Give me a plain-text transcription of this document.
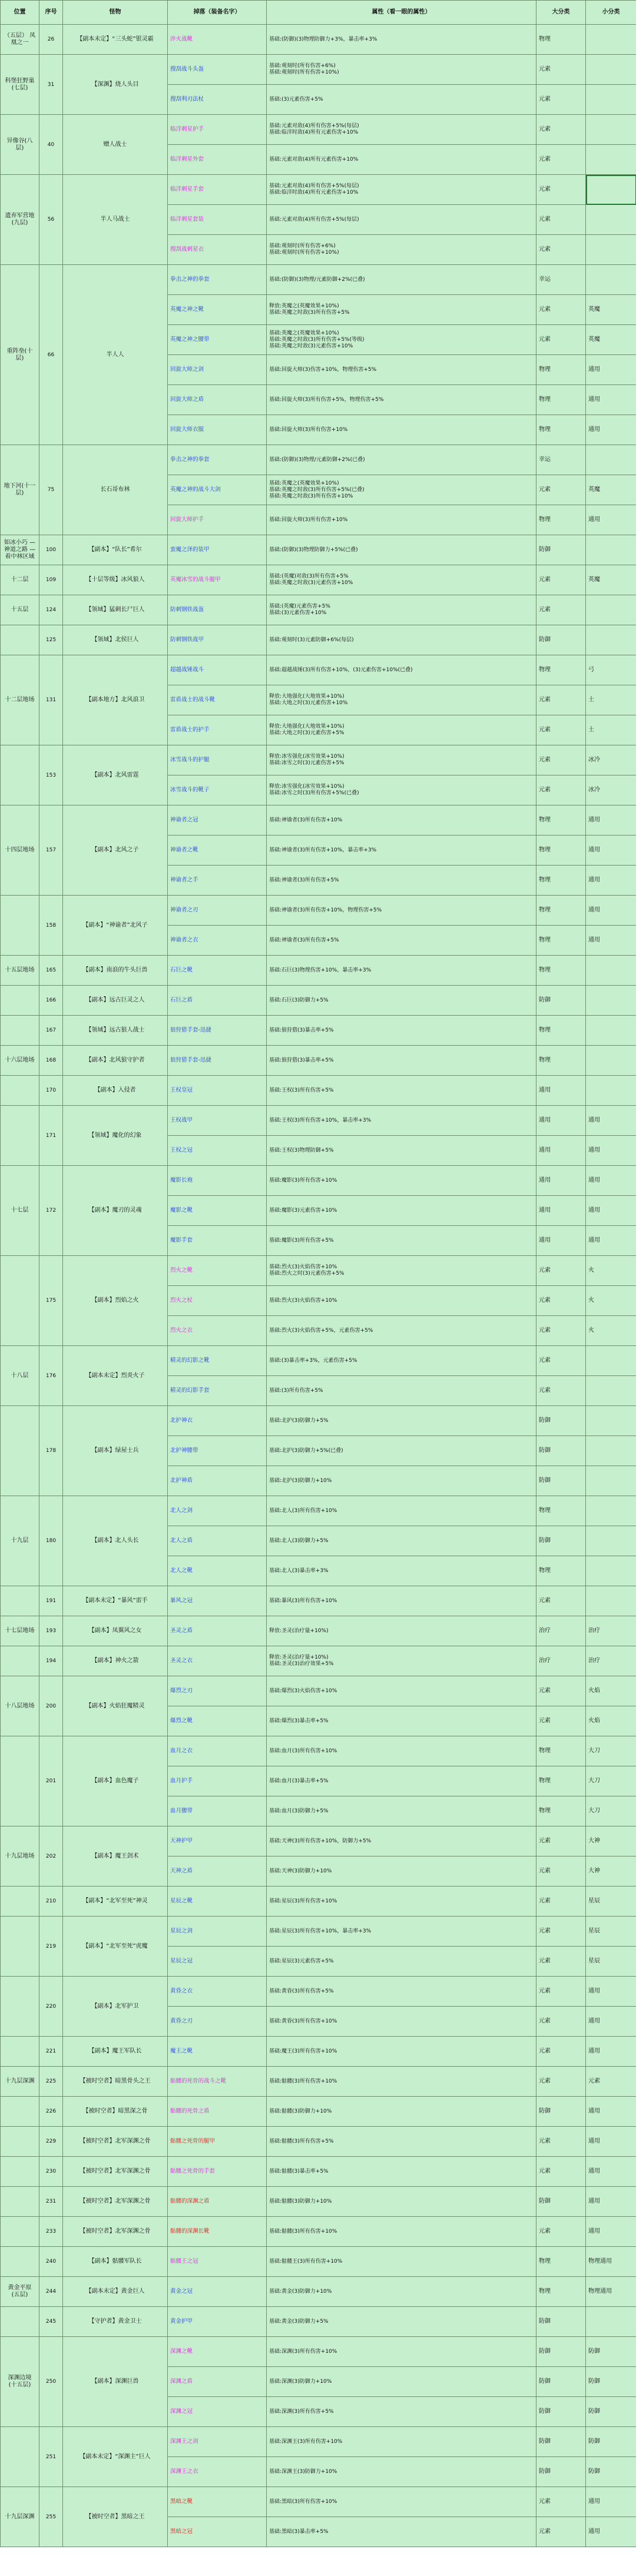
位置	序号	怪物	掉落（装备名字）	属性（看一眼的属性）	大分类	小分类
（五层） 凤凰之一	26	【副本未定】“三头蛇”银灵霸	淬火战靴	基础:(防御)(3)物理防御力+3%，暴击率+3%	物理	
科堡狂野巢(七层)	31	【深渊】烧人头目	搜刮战斗头盔	基础:观刻时(所有伤害+6%)
基础:观刻时(所有伤害+10%)	元素	
			搜刮利刃法杖	基础:(3)元素伤害+5%	元素	
异像谷(八层)	40	赠人战士	临洋刺星护手	基础:元素对敌(4)所有伤害+5%(每层)
基础:临洋时敌(4)所有元素伤害+10%	元素	
			临洋刺星外套	基础:元素对敌(4)所有元素伤害+10%	元素	
遗弃军营地(九层)	56	半人马战士	临洋刺星手套	基础:元素对敌(4)所有伤害+5%(每层)
基础:临洋时敌(4)所有元素伤害+10%	元素	
			临洋刺星套装	基础:元素对敌(4)所有伤害+5%(每层)	元素	
			搜刮战刺星衣	基础:观刻时(所有伤害+6%)
基础:观刻时(所有伤害+10%)	元素	
重阵垒(十层)	66	半人人	拳击之神的拳套	基础:(防御)(3)物理/元素防御+2%(已叠)	幸运	
			英魔之神之靴	释放:英魔之(英魔效果+10%)
基础:英魔之时敌(3)所有伤害+5%	元素	英魔
			英魔之神之腰带	基础:英魔之(英魔效果+10%)
基础:英魔之时敌(3)所有伤害+5%(等级)
基础:英魔之时敌(3)元素伤害+10%	元素	英魔
			回旋大师之剑	基础:回旋大师(3)伤害+10%，物理伤害+5%	物理	通用
			回旋大师之盾	基础:回旋大师(3)所有伤害+5%，物理伤害+5%	物理	通用
			回旋大师衣服	基础:回旋大师(3)所有伤害+10%	物理	通用
地下河(十一层)	75	长石哥布林	拳击之神的拳套	基础:(防御)(3)物理/元素防御+2%(已叠)	幸运	
			英魔之神的战斗大剑	基础:英魔之(英魔效果+10%)
基础:英魔之时敌(3)所有伤害+5%(已叠)
基础:英魔之时敌(3)所有伤害+10%	元素	英魔
			回旋大师护手	基础:回旋大师(3)所有伤害+10%	物理	通用
如冰小巧 —神道之路 —着中林区域	100	【副本】“队长”希尔	蛮魔之泽的装甲	基础:(防御)(3)物理防御力+5%(已叠)	防御	
十二层	109	【十层等级】冰风狼人	英魔冰雪的战斗腿甲	基础:(英魔)对敌(3)所有伤害+5%
基础:英魔之时敌(3)元素伤害+10%	元素	英魔
十五层	124	【领域】猛刺长尸巨人	防刺钢铁战盔	基础:(英魔)元素伤害+5%
基础:(3)元素伤害+10%	元素	
	125	【领域】北侯巨人	防刺钢铁战甲	基础:观刻时(3)元素防御+6%(每层)	防御	
十二层地场	131	【副本地方】北风浪卫	超越战锤战斗	基础:超越战锤(3)所有伤害+10%，(3)元素伤害+10%(已叠)	物理	弓
			雷盾战士的战斗靴	释放:大地强化(大地效果+10%)
基础:大地之时(3)元素伤害+10%	元素	土
			雷盾战士的护手	释放:大地强化(大地效果+10%)
基础:大地之时(3)元素伤害+5%	元素	土
	153	【副本】北风雷霆	冰雪战斗的护腿	释放:冰雪强化(冰雪效果+10%)
基础:冰雪之时(3)元素伤害+5%	元素	冰冷
			冰雪战斗的靴子	释放:冰雪强化(冰雪效果+10%)
基础:冰雪之时(3)所有伤害+5%(已叠)	元素	冰冷
十四层地场	157	【副本】北风之子	神谕者之冠	基础:神谕者(3)所有伤害+10%	物理	通用
			神谕者之靴	基础:神谕者(3)所有伤害+10%，暴击率+3%	物理	通用
			神谕者之手	基础:神谕者(3)所有伤害+5%	物理	通用
	158	【副本】“神谕者”北风子	神谕者之刃	基础:神谕者(3)所有伤害+10%，物理伤害+5%	物理	通用
			神谕者之衣	基础:神谕者(3)所有伤害+5%	物理	通用
十五层地场	165	【副本】南浪的牛头巨兽	石巨之靴	基础:石巨(3)物理伤害+10%，暴击率+3%	物理	
	166	【副本】远古巨灵之人	石巨之盾	基础:石巨(3)防御力+5%	防御	
	167	【领域】远古狼人战士	狼狩猎手套-迅捷	基础:狼狩猎(3)暴击率+5%	物理	
十六层地场	168	【副本】北风狼守护者	狼狩猎手套-迅捷	基础:狼狩猎(3)暴击率+5%	物理	
	170	【副本】入侵者	王权皇冠	基础:王权(3)所有伤害+5%	通用	
	171	【领域】魔化的幻象	王权战甲	基础:王权(3)所有伤害+10%，暴击率+3%	通用	通用
			王权之冠	基础:王权(3)物理防御+5%	通用	通用
十七层	172	【副本】魔刃的灵魂	魔影长袍	基础:魔影(3)所有伤害+10%	通用	通用
			魔影之靴	基础:魔影(3)元素伤害+10%	通用	通用
			魔影手套	基础:魔影(3)所有伤害+5%	通用	通用
	175	【副本】烈焰之火	烈火之靴	基础:烈火(3)火焰伤害+10%
基础:烈火之时(3)元素伤害+5%	元素	火
			烈火之杖	基础:烈火(3)火焰伤害+10%	元素	火
			烈火之衣	基础:烈火(3)火焰伤害+5%，元素伤害+5%	元素	火
十八层	176	【副本未定】烈炎火子	精灵的幻影之靴	基础:(3)暴击率+3%，元素伤害+5%	元素	
			精灵的幻影手套	基础:(3)所有伤害+5%	元素	
	178	【副本】绿屋士兵	北护神衣	基础:北护(3)防御力+5%	防御	
			北护神腰带	基础:北护(3)防御力+5%(已叠)	防御	
			北护神盾	基础:北护(3)防御力+10%	防御	
十九层	180	【副本】北人头长	北人之剑	基础:北人(3)所有伤害+10%	物理	
			北人之盾	基础:北人(3)防御力+5%	防御	
			北人之靴	基础:北人(3)暴击率+3%	物理	
	191	【副本未定】“暴风”雷手	暴风之冠	基础:暴风(3)所有伤害+10%	元素	
十七层地场	193	【副本】凤翼风之女	圣灵之盾	释放:圣灵(治疗量+10%)	治疗	治疗
	194	【副本】神火之箭	圣灵之衣	释放:圣灵(治疗量+10%)
基础:圣灵(3)治疗效果+5%	治疗	治疗
十八层地场	200	【副本】火焰狂魔精灵	爆烈之刃	基础:爆烈(3)火焰伤害+10%	元素	火焰
			爆烈之靴	基础:爆烈(3)暴击率+5%	元素	火焰
	201	【副本】血色魔子	血月之衣	基础:血月(3)所有伤害+10%	物理	大刀
			血月护手	基础:血月(3)暴击率+5%	物理	大刀
			血月腰带	基础:血月(3)防御力+5%	物理	大刀
十九层地场	202	【副本】魔王剑术	天神护甲	基础:天神(3)所有伤害+10%，防御力+5%	元素	大神
			天神之盾	基础:天神(3)防御力+10%	元素	大神
	210	【副本】“北军至死”神灵	星辰之靴	基础:星辰(3)所有伤害+10%	元素	星辰
	219	【副本】“北军至死”虎魔	星辰之剑	基础:星辰(3)所有伤害+10%，暴击率+3%	元素	星辰
			星辰之冠	基础:星辰(3)元素伤害+5%	元素	星辰
	220	【副本】北军护卫	黄昏之衣	基础:黄昏(3)所有伤害+5%	元素	通用
			黄昏之刃	基础:黄昏(3)所有伤害+10%	元素	通用
	221	【副本】魔王军队长	魔王之靴	基础:魔王(3)所有伤害+10%	元素	通用
十九层深渊	225	【被时空者】暗黑骨头之王	骷髅的死骨的战斗之靴	基础:骷髅(3)所有伤害+10%	元素	元素
	226	【被时空者】暗黑深之骨	骷髅的死骨之盾	基础:骷髅(3)防御力+10%	防御	通用
	229	【被时空者】北军深渊之骨	骷髅之死骨的腿甲	基础:骷髅(3)所有伤害+5%	元素	通用
	230	【被时空者】北军深渊之骨	骷髅之死骨的手套	基础:骷髅(3)暴击率+5%	元素	通用
	231	【被时空者】北军深渊之骨	骷髅的深渊之盾	基础:骷髅(3)防御力+10%	防御	通用
	233	【被时空者】北军深渊之骨	骷髅的深渊长靴	基础:骷髅(3)所有伤害+10%	元素	通用
	240	【副本】骷髅军队长	骷髅王之冠	基础:骷髅王(3)所有伤害+10%	物理	物理通用
黄金平原 (五层)	244	【副本未定】黄金巨人	黄金之冠	基础:黄金(3)防御力+10%	物理	物理通用
	245	【守护者】黄金卫士	黄金护甲	基础:黄金(3)防御力+5%	防御	
深渊边境 (十五层)	250	【副本】深渊巨兽	深渊之靴	基础:深渊(3)所有伤害+10%	防御	防御
			深渊之盾	基础:深渊(3)防御力+10%	防御	防御
			深渊之冠	基础:深渊(3)所有伤害+5%	防御	防御
	251	【副本未定】“深渊主”巨人	深渊王之剑	基础:深渊王(3)所有伤害+10%	防御	防御
			深渊王之衣	基础:深渊王(3)防御力+10%	防御	防御
十九层深渊	255	【被时空者】黑暗之王	黑暗之靴	基础:黑暗(3)所有伤害+10%	元素	通用
			黑暗之冠	基础:黑暗(3)暴击率+5%	元素	通用
